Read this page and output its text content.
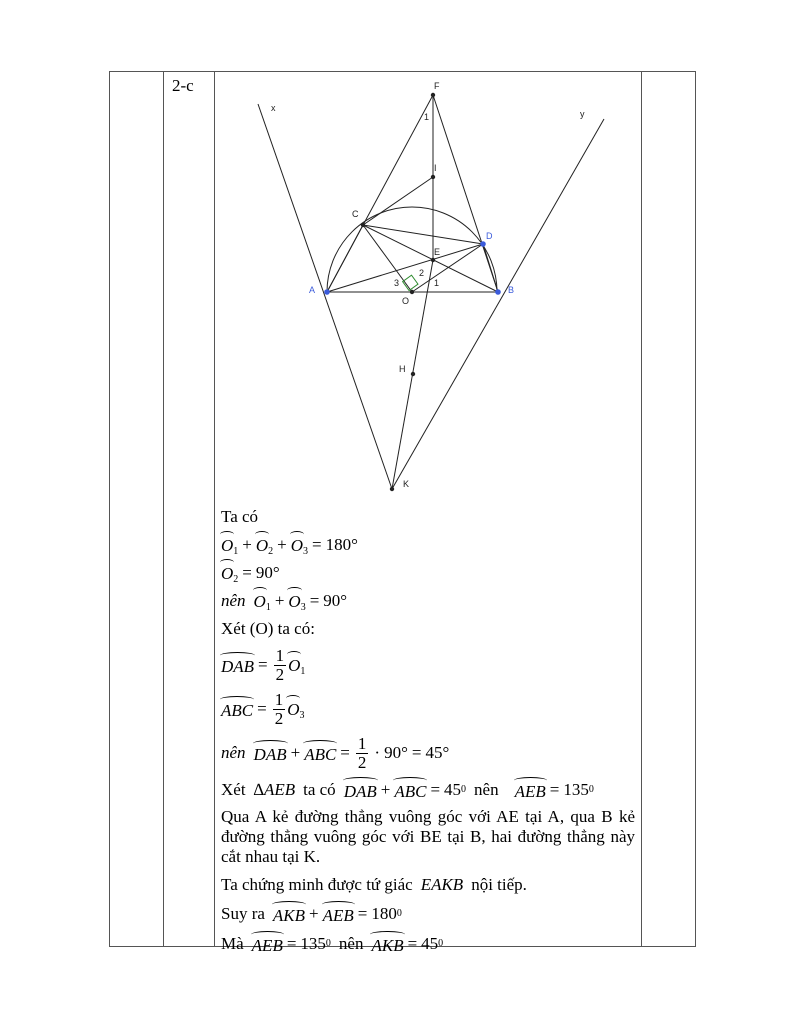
2-c	F
I
C
E
O
H
K
x
y
1
2
3	1
A	B
D
Ta có
$O_1 + O_2 + O_3 = 180^\circ$
$O_2 = 90^\circ$
nên $O_1 + O_3 = 90^\circ$
Xét (O) ta có:
DAB = $\frac{1}{2} O_1$
ABC = $\frac{1}{2} O_3$
nên DAB + ABC = $\frac{1}{2} \cdot 90^\circ = 45^\circ$
Xét ∆AEB ta có DAB + ABC = 45 0 nên AEB = 135 0
Qua A kẻ đường thẳng vuông góc với AE tại A, qua B kẻ đường thẳng vuông góc với BE tại B, hai đường thẳng này cắt nhau tại K.
Ta chứng minh được tứ giác EAKB nội tiếp.
Suy ra AKB + AEB = 180 0
Mà AEB = 135 0 nên AKB = 45 0
